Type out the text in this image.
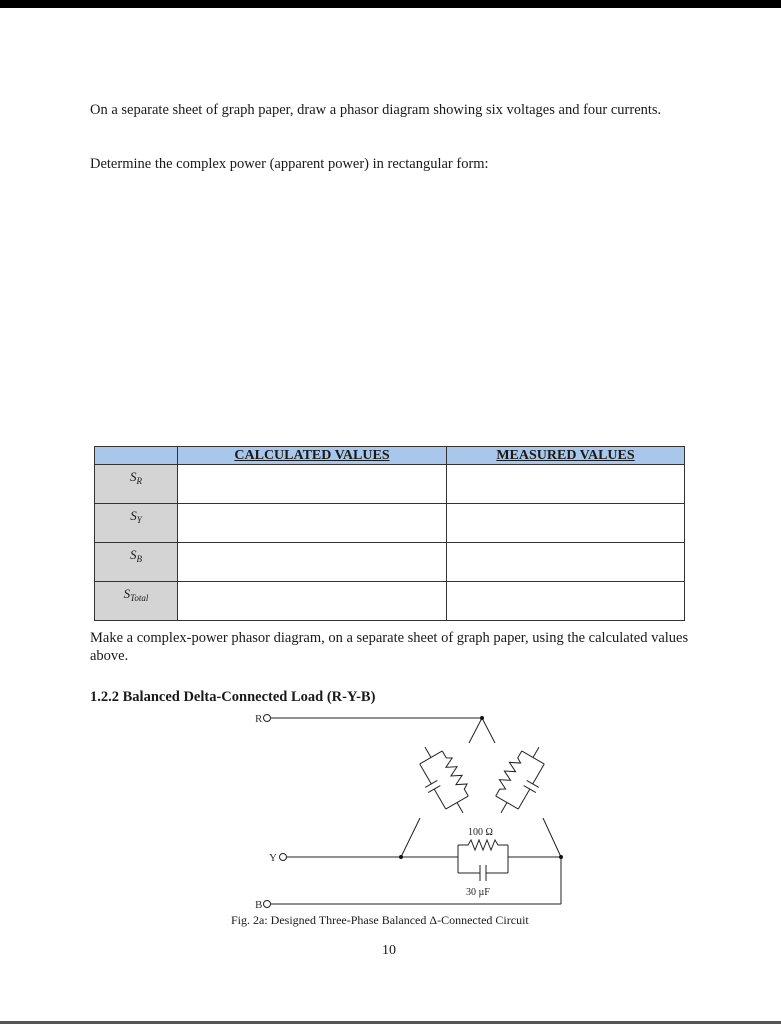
On a separate sheet of graph paper, draw a phasor diagram showing six voltages and four currents.
Determine the complex power (apparent power) in rectangular form:
	CALCULATED VALUES	MEASURED VALUES
$S_R$		
$S_Y$		
$S_B$		
$S_{Total}$		
Make a complex-power phasor diagram, on a separate sheet of graph paper, using the calculated values above.
1.2.2 Balanced Delta-Connected Load (R-Y-B)
R
Y
B
100 Ω
30 µF
Fig. 2a: Designed Three-Phase Balanced Δ-Connected Circuit
10
